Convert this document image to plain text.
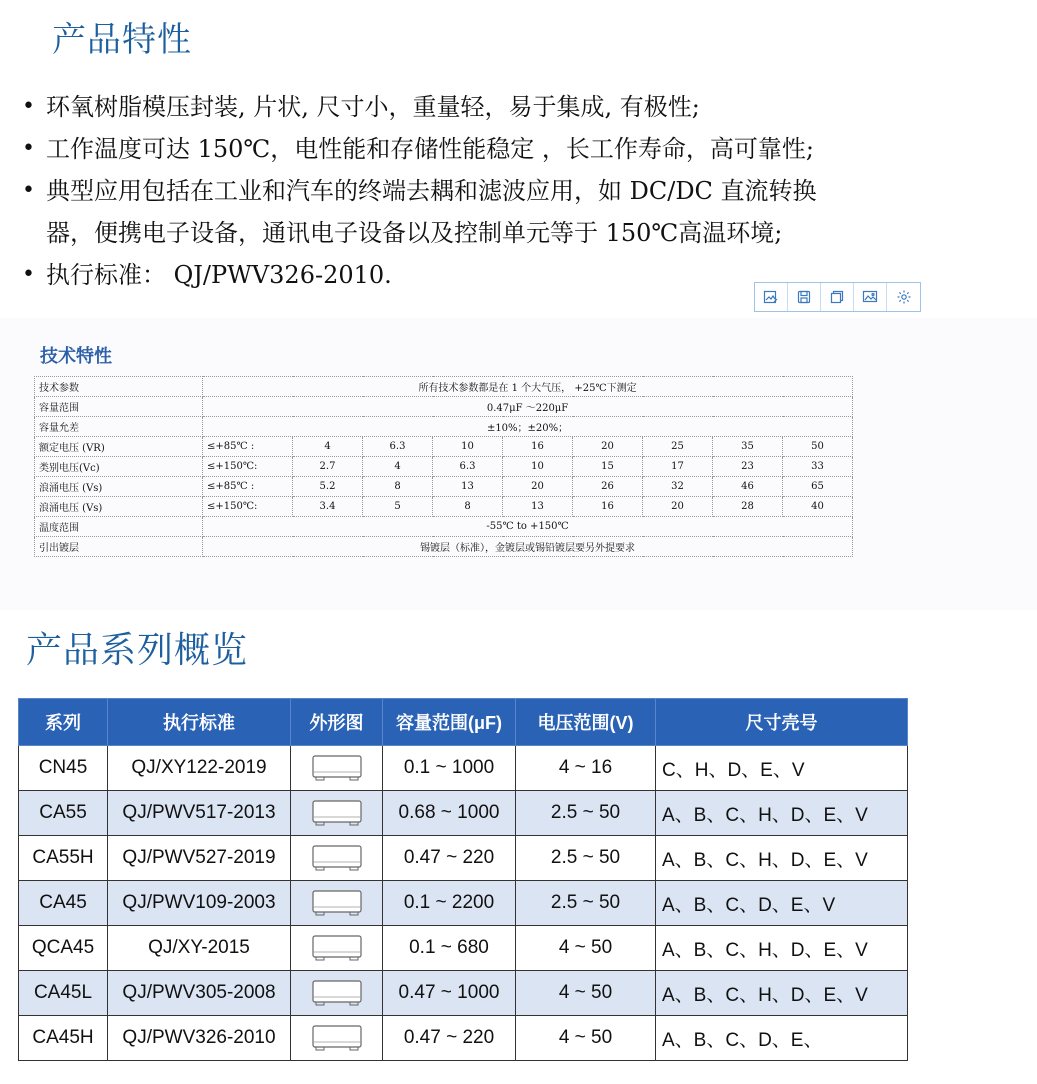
产品特性
• 环氧树脂模压封装, 片状, 尺寸小，重量轻，易于集成, 有极性;
• 工作温度可达 150℃，电性能和存储性能稳定 ，长工作寿命，高可靠性;
• 典型应用包括在工业和汽车的终端去耦和滤波应用，如 DC/DC 直流转换
器，便携电子设备，通讯电子设备以及控制单元等于 150℃高温环境;
• 执行标准： QJ/PWV326-2010.
技术特性
技术参数	所有技术参数都是在 1 个大气压， +25℃下测定								
容量范围	0.47μF ～220μF								
容量允差	±10%；±20%；								
额定电压 (VR)	≤+85℃ :	4	6.3	10	16	20	25	35	50
类别电压(Vc)	≤+150℃:	2.7	4	6.3	10	15	17	23	33
浪涌电压 (Vs)	≤+85℃ :	5.2	8	13	20	26	32	46	65
浪涌电压 (Vs)	≤+150℃:	3.4	5	8	13	16	20	28	40
温度范围	-55℃ to +150℃								
引出镀层	锡镀层（标准），金镀层或锡铅镀层要另外提要求								
产品系列概览
系列	执行标准	外形图	容量范围(μF)	电压范围(V)	尺寸壳号
CN45	QJ/XY122-2019		0.1 ~ 1000	4 ~ 16	C、H、D、E、V
CA55	QJ/PWV517-2013		0.68 ~ 1000	2.5 ~ 50	A、B、C、H、D、E、V
CA55H	QJ/PWV527-2019		0.47 ~ 220	2.5 ~ 50	A、B、C、H、D、E、V
CA45	QJ/PWV109-2003		0.1 ~ 2200	2.5 ~ 50	A、B、C、D、E、V
QCA45	QJ/XY-2015		0.1 ~ 680	4 ~ 50	A、B、C、H、D、E、V
CA45L	QJ/PWV305-2008		0.47 ~ 1000	4 ~ 50	A、B、C、H、D、E、V
CA45H	QJ/PWV326-2010		0.47 ~ 220	4 ~ 50	A、B、C、D、E、
